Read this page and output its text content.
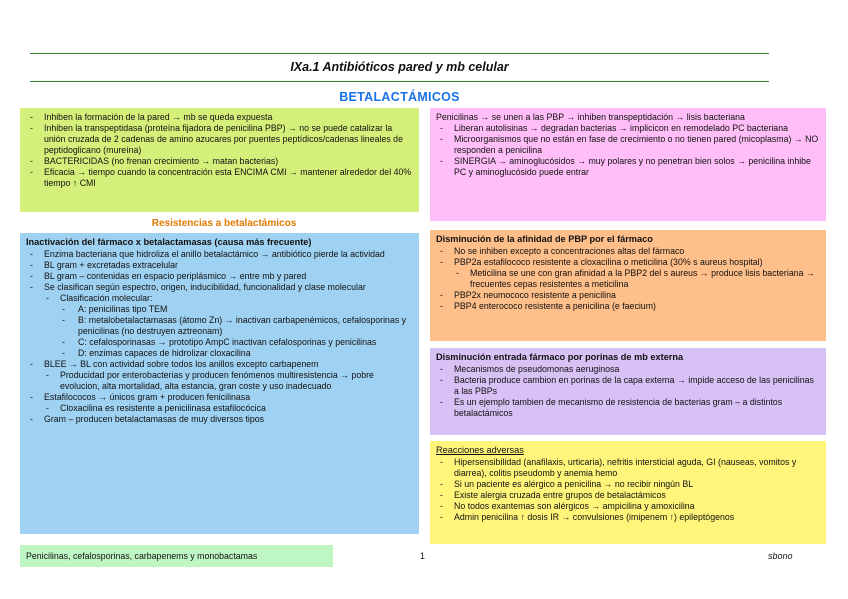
IXa.1 Antibióticos pared y mb celular
BETALACTÁMICOS
- Inhiben la formación de la pared → mb se queda expuesta
- Inhiben la transpeptidasa (proteína fijadora de penicilina PBP) → no se puede catalizar la unión cruzada de 2 cadenas de amino azucares por puentes peptídicos/cadenas lineales de peptidoglicano (mureína)
- BACTERICIDAS (no frenan crecimiento → matan bacterias)
- Eficacia → tiempo cuando la concentración esta ENCIMA CMI → mantener alrededor del 40% tiempo ↑ CMI
Penicilinas → se unen a las PBP → inhiben transpeptidación → lisis bacteriana
- Liberan autolisinas → degradan bacterias → implicicon en remodelado PC bacteriana
- Microorganismos que no están en fase de crecimiento o no tienen pared (micoplasma) → NO responden a penicilina
- SINERGIA → aminoglucósidos → muy polares y no penetran bien solos → penicilina inhibe PC y aminoglucósido puede entrar
Resistencias a betalactámicos
Inactivación del fármaco x betalactamasas (causa más frecuente)
- Enzima bacteriana que hidroliza el anillo betalactámico → antibiótico pierde la actividad
- BL gram + excretadas extracelular
- BL gram – contenidas en espacio periplásmico → entre mb y pared
- Se clasifican según espectro, origen, inducibilidad, funcionalidad y clase molecular
- Clasificación molecular:
- A: penicilinas tipo TEM
- B: metalobetalactamasas (átomo Zn) → inactivan carbapenémicos, cefalosporinas y penicilinas (no destruyen aztreonam)
- C: cefalosporinasas → prototipo AmpC inactivan cefalosporinas y penicilinas
- D: enzimas capaces de hidrolizar cloxacilina
- BLEE → BL con actividad sobre todos los anillos excepto carbapenem
- Producidad por enterobacterias y producen fenómenos multiresistencia → pobre evolucion, alta mortalidad, alta estancia, gran coste y uso inadecuado
- Estafilococos → únicos gram + producen fenicilinasa
- Cloxacilina es resistente a penicilinasa estafilocócica
- Gram – producen betalactamasas de muy diversos tipos
Disminución de la afinidad de PBP por el fármaco
- No se inhiben excepto a concentraciones altas del fármaco
- PBP2a estafilococo resistente a cloxacilina o meticilina (30% s aureus hospital)
- Meticilina se une con gran afinidad a la PBP2 del s aureus → produce lisis bacteriana → frecuentes cepas resistentes a meticilina
- PBP2x neumococo resistente a penicilina
- PBP4 enterococo resistente a penicilina (e faecium)
Disminución entrada fármaco por porinas de mb externa
- Mecanismos de pseudomonas aeruginosa
- Bacteria produce cambion en porinas de la capa externa → impide acceso de las penicilinas a las PBPs
- Es un ejemplo tambien de mecanismo de resistencia de bacterias gram – a distintos betalactámicos
Reacciones adversas
- Hipersensibilidad (anafilaxis, urticaria), nefritis intersticial aguda, GI (nauseas, vomitos y diarrea), colitis pseudomb y anemia hemo
- Si un paciente es alérgico a penicilina → no recibir ningún BL
- Existe alergia cruzada entre grupos de betalactámicos
- No todos exantemas son alérgicos → ampicilina y amoxicilina
- Admin penicilina ↑ dosis IR → convulsiones (imipenem ↑) epileptógenos
Penicilinas, cefalosporinas, carbapenems y monobactamas	1	sbono
